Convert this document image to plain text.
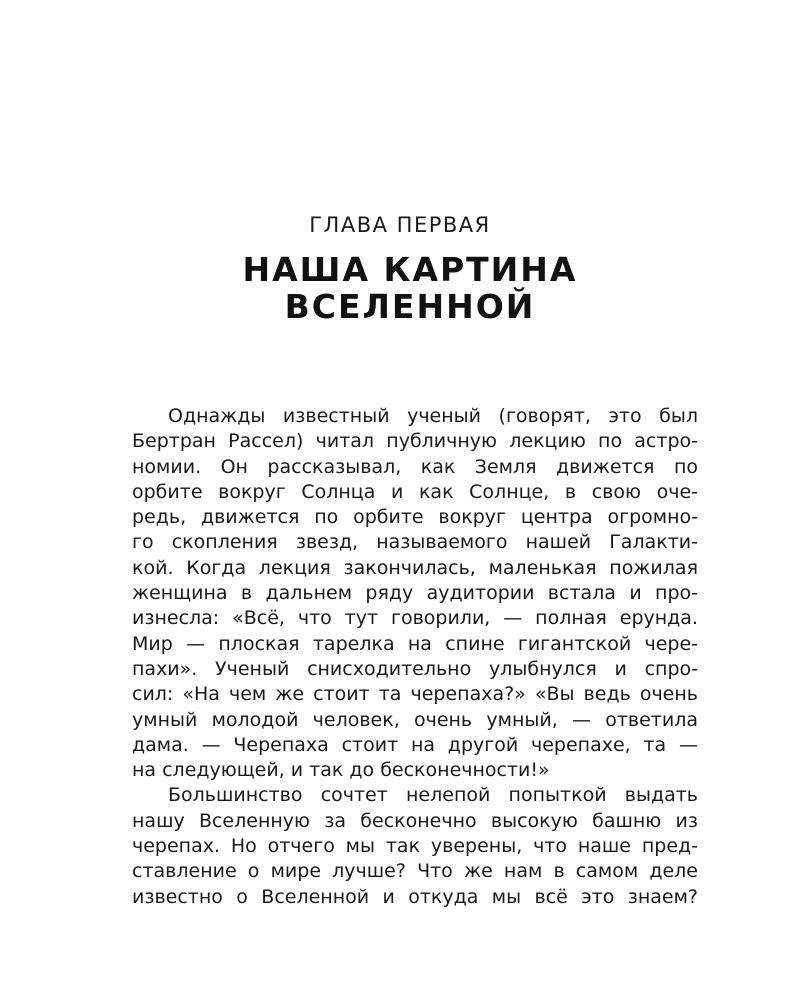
ГЛАВА ПЕРВАЯ
НАША КАРТИНА
ВСЕЛЕННОЙ
Однажды известный ученый (говорят, это был
Бертран Рассел) читал публичную лекцию по астро-
номии. Он рассказывал, как Земля движется по
орбите вокруг Солнца и как Солнце, в свою оче-
редь, движется по орбите вокруг центра огромно-
го скопления звезд, называемого нашей Галакти-
кой. Когда лекция закончилась, маленькая пожилая
женщина в дальнем ряду аудитории встала и про-
изнесла: «Всё, что тут говорили, — полная ерунда.
Мир — плоская тарелка на спине гигантской чере-
пахи». Ученый снисходительно улыбнулся и спро-
сил: «На чем же стоит та черепаха?» «Вы ведь очень
умный молодой человек, очень умный, — ответила
дама. — Черепаха стоит на другой черепахе, та —
на следующей, и так до бесконечности!»
Большинство сочтет нелепой попыткой выдать
нашу Вселенную за бесконечно высокую башню из
черепах. Но отчего мы так уверены, что наше пред-
ставление о мире лучше? Что же нам в самом деле
известно о Вселенной и откуда мы всё это знаем?
